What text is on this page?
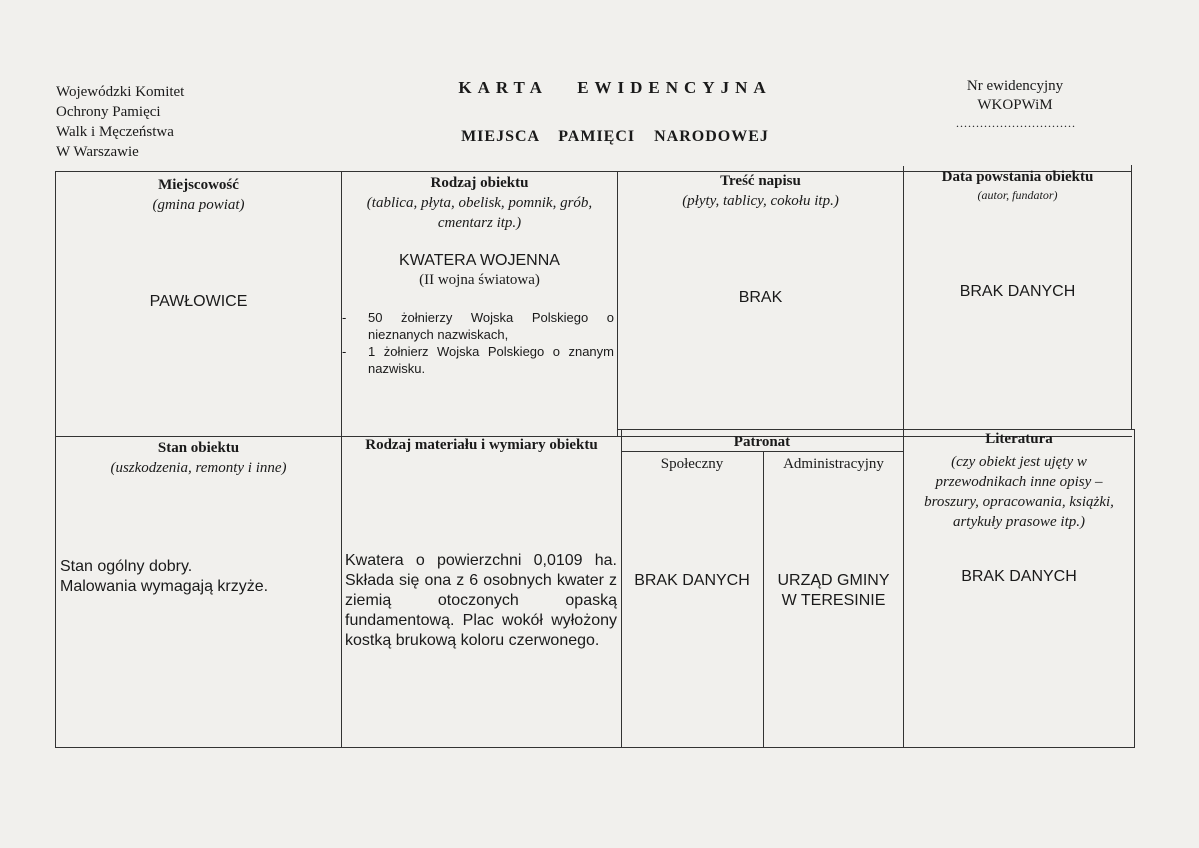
Wojewódzki Komitet
Ochrony Pamięci
Walk i Męczeństwa
W Warszawie
KARTA EWIDENCYJNA
MIEJSCA PAMIĘCI NARODOWEJ
Nr ewidencyjny
WKOPWiM
..............................
Miejscowość
(gmina powiat)
PAWŁOWICE
Rodzaj obiektu
(tablica, płyta, obelisk, pomnik, grób,
cmentarz itp.)
KWATERA WOJENNA
(II wojna światowa)
- 50 żołnierzy Wojska Polskiego o nieznanych nazwiskach,
- 1 żołnierz Wojska Polskiego o znanym nazwisku.
Treść napisu
(płyty, tablicy, cokołu itp.)
BRAK
Data powstania obiektu
(autor, fundator)
BRAK DANYCH
Stan obiektu
(uszkodzenia, remonty i inne)
Stan ogólny dobry.
Malowania wymagają krzyże.
Rodzaj materiału i wymiary obiektu
Kwatera o powierzchni 0,0109 ha. Składa się ona z 6 osobnych kwater z ziemią otoczonych opaską fundamentową. Plac wokół wyłożony kostką brukową koloru czerwonego.
Patronat
Społeczny	Administracyjny
BRAK DANYCH	URZĄD GMINY
W TERESINIE
Literatura
(czy obiekt jest ujęty w
przewodnikach inne opisy –
broszury, opracowania, książki,
artykuły prasowe itp.)
BRAK DANYCH
